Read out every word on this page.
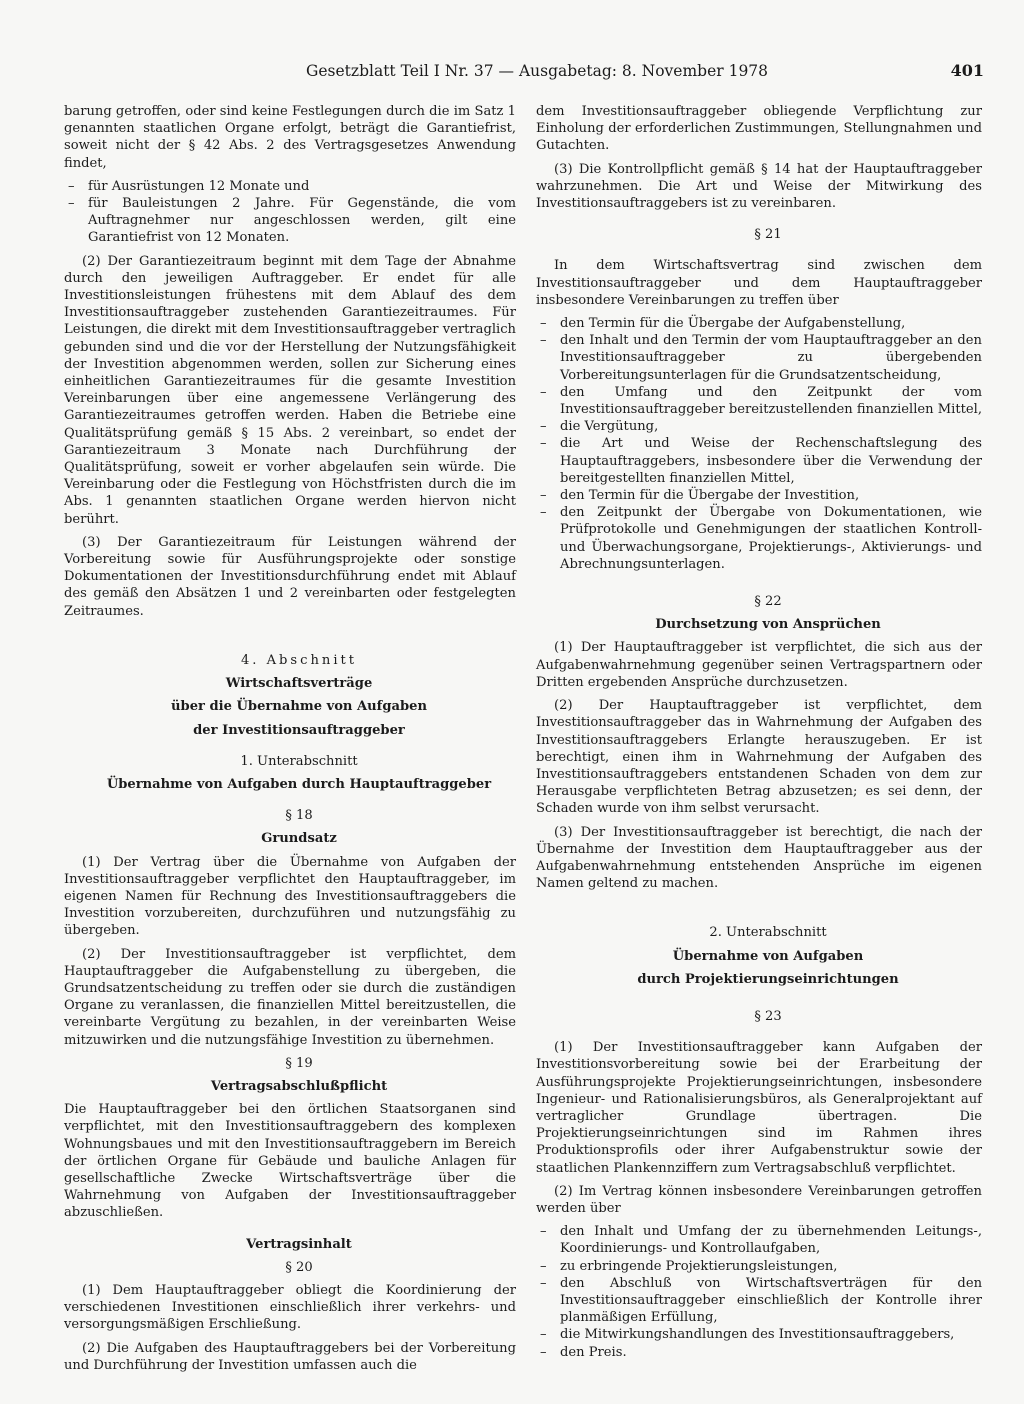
Gesetzblatt Teil I Nr. 37 — Ausgabetag: 8. November 1978	401

barung getroffen, oder sind keine Festlegungen durch die im Satz 1 genannten staatlichen Organe erfolgt, beträgt die Garantiefrist, soweit nicht der § 42 Abs. 2 des Vertragsgesetzes Anwendung findet,

– für Ausrüstungen 12 Monate und
– für Bauleistungen 2 Jahre. Für Gegenstände, die vom Auftragnehmer nur angeschlossen werden, gilt eine Garantiefrist von 12 Monaten.

(2) Der Garantiezeitraum beginnt mit dem Tage der Abnahme durch den jeweiligen Auftraggeber. Er endet für alle Investitionsleistungen frühestens mit dem Ablauf des dem Investitionsauftraggeber zustehenden Garantiezeitraumes. Für Leistungen, die direkt mit dem Investitionsauftraggeber vertraglich gebunden sind und die vor der Herstellung der Nutzungsfähigkeit der Investition abgenommen werden, sollen zur Sicherung eines einheitlichen Garantiezeitraumes für die gesamte Investition Vereinbarungen über eine angemessene Verlängerung des Garantiezeitraumes getroffen werden. Haben die Betriebe eine Qualitätsprüfung gemäß § 15 Abs. 2 vereinbart, so endet der Garantiezeitraum 3 Monate nach Durchführung der Qualitätsprüfung, soweit er vorher abgelaufen sein würde. Die Vereinbarung oder die Festlegung von Höchstfristen durch die im Abs. 1 genannten staatlichen Organe werden hiervon nicht berührt.

(3) Der Garantiezeitraum für Leistungen während der Vorbereitung sowie für Ausführungsprojekte oder sonstige Dokumentationen der Investitionsdurchführung endet mit Ablauf des gemäß den Absätzen 1 und 2 vereinbarten oder festgelegten Zeitraumes.

4. Abschnitt

Wirtschaftsverträge

über die Übernahme von Aufgaben

der Investitionsauftraggeber

1. Unterabschnitt

Übernahme von Aufgaben durch Hauptauftraggeber

§ 18

Grundsatz

(1) Der Vertrag über die Übernahme von Aufgaben der Investitionsauftraggeber verpflichtet den Hauptauftraggeber, im eigenen Namen für Rechnung des Investitionsauftraggebers die Investition vorzubereiten, durchzuführen und nutzungsfähig zu übergeben.

(2) Der Investitionsauftraggeber ist verpflichtet, dem Hauptauftraggeber die Aufgabenstellung zu übergeben, die Grundsatzentscheidung zu treffen oder sie durch die zuständigen Organe zu veranlassen, die finanziellen Mittel bereitzustellen, die vereinbarte Vergütung zu bezahlen, in der vereinbarten Weise mitzuwirken und die nutzungsfähige Investition zu übernehmen.

§ 19

Vertragsabschlußpflicht

Die Hauptauftraggeber bei den örtlichen Staatsorganen sind verpflichtet, mit den Investitionsauftraggebern des komplexen Wohnungsbaues und mit den Investitionsauftraggebern im Bereich der örtlichen Organe für Gebäude und bauliche Anlagen für gesellschaftliche Zwecke Wirtschaftsverträge über die Wahrnehmung von Aufgaben der Investitionsauftraggeber abzuschließen.

Vertragsinhalt

§ 20

(1) Dem Hauptauftraggeber obliegt die Koordinierung der verschiedenen Investitionen einschließlich ihrer verkehrs- und versorgungsmäßigen Erschließung.

(2) Die Aufgaben des Hauptauftraggebers bei der Vorbereitung und Durchführung der Investition umfassen auch die

dem Investitionsauftraggeber obliegende Verpflichtung zur Einholung der erforderlichen Zustimmungen, Stellungnahmen und Gutachten.

(3) Die Kontrollpflicht gemäß § 14 hat der Hauptauftraggeber wahrzunehmen. Die Art und Weise der Mitwirkung des Investitionsauftraggebers ist zu vereinbaren.

§ 21

In dem Wirtschaftsvertrag sind zwischen dem Investitionsauftraggeber und dem Hauptauftraggeber insbesondere Vereinbarungen zu treffen über

– den Termin für die Übergabe der Aufgabenstellung,
– den Inhalt und den Termin der vom Hauptauftraggeber an den Investitionsauftraggeber zu übergebenden Vorbereitungsunterlagen für die Grundsatzentscheidung,
– den Umfang und den Zeitpunkt der vom Investitionsauftraggeber bereitzustellenden finanziellen Mittel,
– die Vergütung,
– die Art und Weise der Rechenschaftslegung des Hauptauftraggebers, insbesondere über die Verwendung der bereitgestellten finanziellen Mittel,
– den Termin für die Übergabe der Investition,
– den Zeitpunkt der Übergabe von Dokumentationen, wie Prüfprotokolle und Genehmigungen der staatlichen Kontroll- und Überwachungsorgane, Projektierungs-, Aktivierungs- und Abrechnungsunterlagen.

§ 22

Durchsetzung von Ansprüchen

(1) Der Hauptauftraggeber ist verpflichtet, die sich aus der Aufgabenwahrnehmung gegenüber seinen Vertragspartnern oder Dritten ergebenden Ansprüche durchzusetzen.

(2) Der Hauptauftraggeber ist verpflichtet, dem Investitionsauftraggeber das in Wahrnehmung der Aufgaben des Investitionsauftraggebers Erlangte herauszugeben. Er ist berechtigt, einen ihm in Wahrnehmung der Aufgaben des Investitionsauftraggebers entstandenen Schaden von dem zur Herausgabe verpflichteten Betrag abzusetzen; es sei denn, der Schaden wurde von ihm selbst verursacht.

(3) Der Investitionsauftraggeber ist berechtigt, die nach der Übernahme der Investition dem Hauptauftraggeber aus der Aufgabenwahrnehmung entstehenden Ansprüche im eigenen Namen geltend zu machen.

2. Unterabschnitt

Übernahme von Aufgaben

durch Projektierungseinrichtungen

§ 23

(1) Der Investitionsauftraggeber kann Aufgaben der Investitionsvorbereitung sowie bei der Erarbeitung der Ausführungsprojekte Projektierungseinrichtungen, insbesondere Ingenieur- und Rationalisierungsbüros, als Generalprojektant auf vertraglicher Grundlage übertragen. Die Projektierungseinrichtungen sind im Rahmen ihres Produktionsprofils oder ihrer Aufgabenstruktur sowie der staatlichen Plankennziffern zum Vertragsabschluß verpflichtet.

(2) Im Vertrag können insbesondere Vereinbarungen getroffen werden über

– den Inhalt und Umfang der zu übernehmenden Leitungs-, Koordinierungs- und Kontrollaufgaben,
– zu erbringende Projektierungsleistungen,
– den Abschluß von Wirtschaftsverträgen für den Investitionsauftraggeber einschließlich der Kontrolle ihrer planmäßigen Erfüllung,
– die Mitwirkungshandlungen des Investitionsauftraggebers,
– den Preis.
